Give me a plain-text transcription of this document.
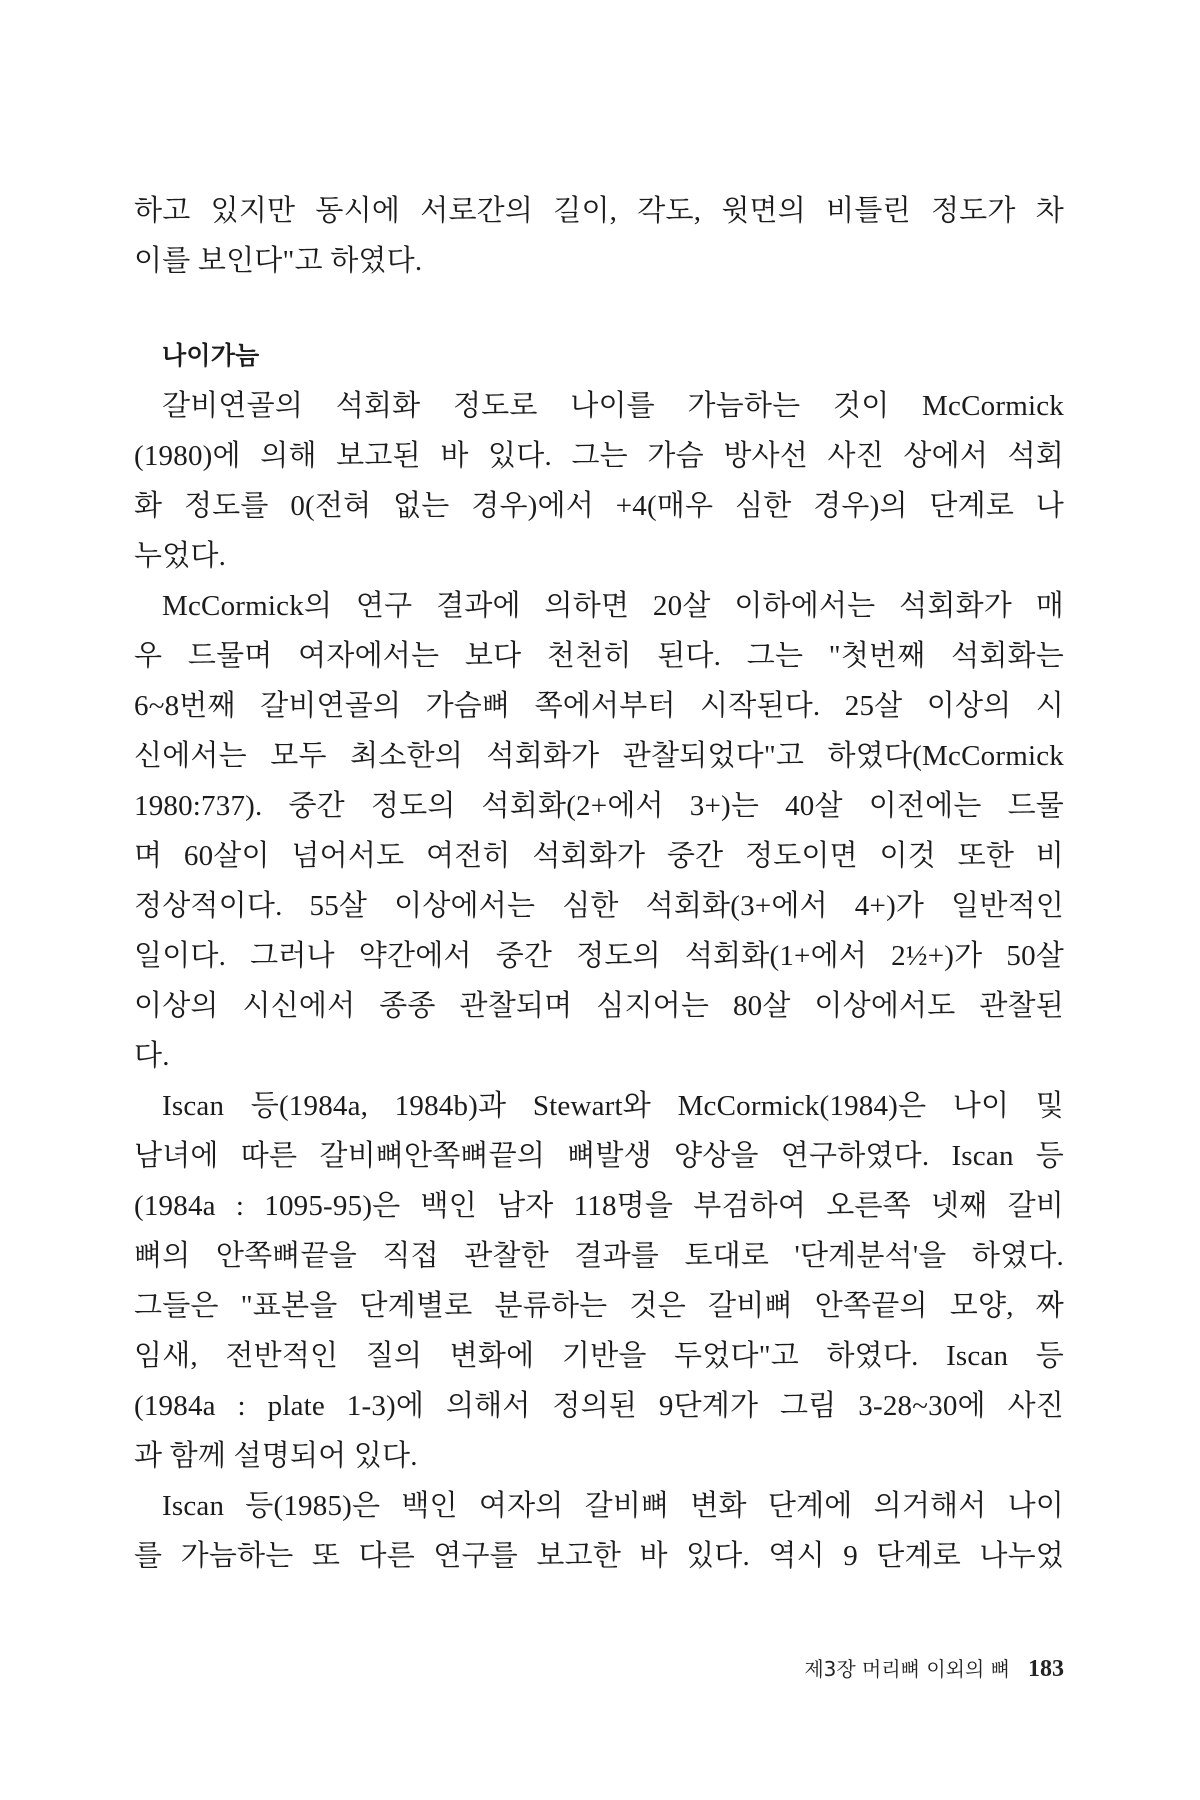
하고 있지만 동시에 서로간의 길이, 각도, 윗면의 비틀린 정도가 차
이를 보인다"고 하였다.
나이가늠
갈비연골의 석회화 정도로 나이를 가늠하는 것이 McCormick
(1980)에 의해 보고된 바 있다. 그는 가슴 방사선 사진 상에서 석회
화 정도를 0(전혀 없는 경우)에서 +4(매우 심한 경우)의 단계로 나
누었다.
McCormick의 연구 결과에 의하면 20살 이하에서는 석회화가 매
우 드물며 여자에서는 보다 천천히 된다. 그는 "첫번째 석회화는
6~8번째 갈비연골의 가슴뼈 쪽에서부터 시작된다. 25살 이상의 시
신에서는 모두 최소한의 석회화가 관찰되었다"고 하였다(McCormick
1980:737). 중간 정도의 석회화(2+에서 3+)는 40살 이전에는 드물
며 60살이 넘어서도 여전히 석회화가 중간 정도이면 이것 또한 비
정상적이다. 55살 이상에서는 심한 석회화(3+에서 4+)가 일반적인
일이다. 그러나 약간에서 중간 정도의 석회화(1+에서 2½+)가 50살
이상의 시신에서 종종 관찰되며 심지어는 80살 이상에서도 관찰된
다.
Iscan 등(1984a, 1984b)과 Stewart와 McCormick(1984)은 나이 및
남녀에 따른 갈비뼈안쪽뼈끝의 뼈발생 양상을 연구하였다. Iscan 등
(1984a : 1095-95)은 백인 남자 118명을 부검하여 오른쪽 넷째 갈비
뼈의 안쪽뼈끝을 직접 관찰한 결과를 토대로 '단계분석'을 하였다.
그들은 "표본을 단계별로 분류하는 것은 갈비뼈 안쪽끝의 모양, 짜
임새, 전반적인 질의 변화에 기반을 두었다"고 하였다. Iscan 등
(1984a : plate 1-3)에 의해서 정의된 9단계가 그림 3-28~30에 사진
과 함께 설명되어 있다.
Iscan 등(1985)은 백인 여자의 갈비뼈 변화 단계에 의거해서 나이
를 가늠하는 또 다른 연구를 보고한 바 있다. 역시 9 단계로 나누었
제3장 머리뼈 이외의 뼈 183
